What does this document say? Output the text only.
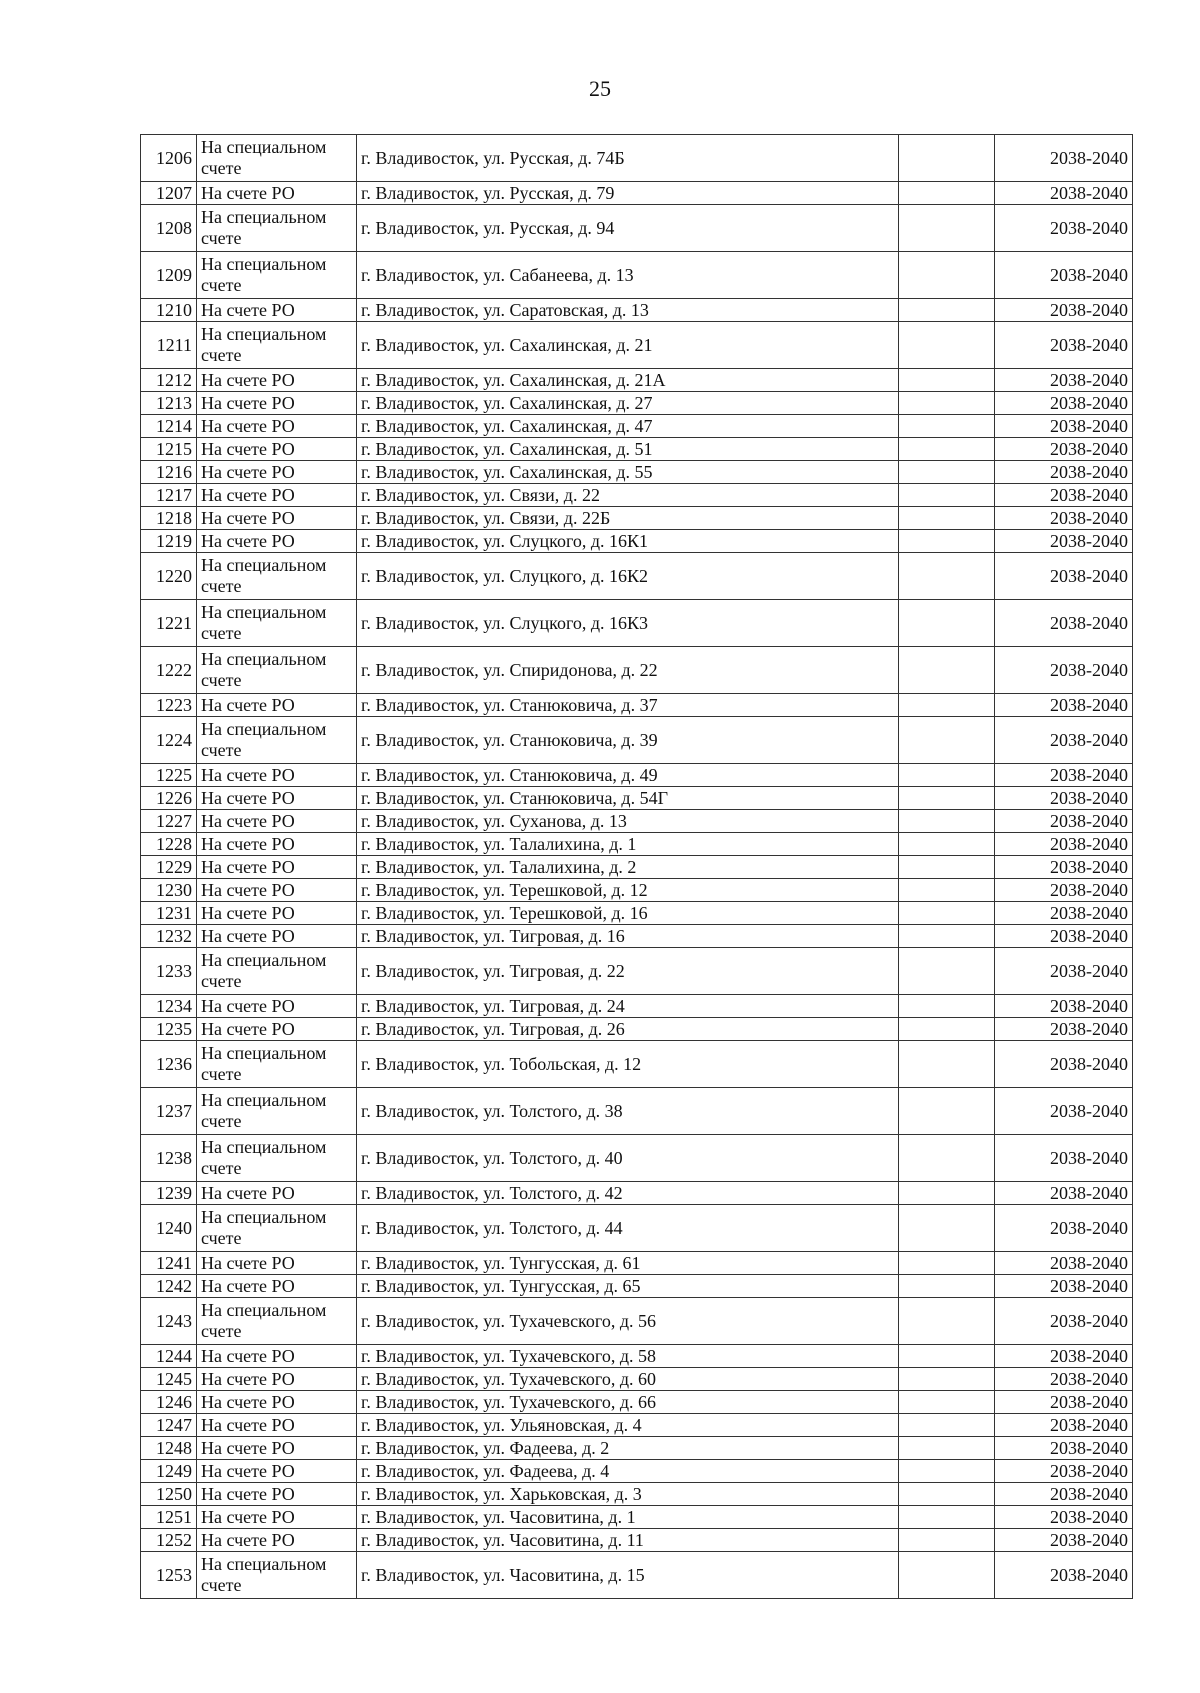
25
1206	На специальном
счете	г. Владивосток, ул. Русская, д. 74Б		2038-2040
1207	На счете РО	г. Владивосток, ул. Русская, д. 79		2038-2040
1208	На специальном
счете	г. Владивосток, ул. Русская, д. 94		2038-2040
1209	На специальном
счете	г. Владивосток, ул. Сабанеева, д. 13		2038-2040
1210	На счете РО	г. Владивосток, ул. Саратовская, д. 13		2038-2040
1211	На специальном
счете	г. Владивосток, ул. Сахалинская, д. 21		2038-2040
1212	На счете РО	г. Владивосток, ул. Сахалинская, д. 21А		2038-2040
1213	На счете РО	г. Владивосток, ул. Сахалинская, д. 27		2038-2040
1214	На счете РО	г. Владивосток, ул. Сахалинская, д. 47		2038-2040
1215	На счете РО	г. Владивосток, ул. Сахалинская, д. 51		2038-2040
1216	На счете РО	г. Владивосток, ул. Сахалинская, д. 55		2038-2040
1217	На счете РО	г. Владивосток, ул. Связи, д. 22		2038-2040
1218	На счете РО	г. Владивосток, ул. Связи, д. 22Б		2038-2040
1219	На счете РО	г. Владивосток, ул. Слуцкого, д. 16К1		2038-2040
1220	На специальном
счете	г. Владивосток, ул. Слуцкого, д. 16К2		2038-2040
1221	На специальном
счете	г. Владивосток, ул. Слуцкого, д. 16К3		2038-2040
1222	На специальном
счете	г. Владивосток, ул. Спиридонова, д. 22		2038-2040
1223	На счете РО	г. Владивосток, ул. Станюковича, д. 37		2038-2040
1224	На специальном
счете	г. Владивосток, ул. Станюковича, д. 39		2038-2040
1225	На счете РО	г. Владивосток, ул. Станюковича, д. 49		2038-2040
1226	На счете РО	г. Владивосток, ул. Станюковича, д. 54Г		2038-2040
1227	На счете РО	г. Владивосток, ул. Суханова, д. 13		2038-2040
1228	На счете РО	г. Владивосток, ул. Талалихина, д. 1		2038-2040
1229	На счете РО	г. Владивосток, ул. Талалихина, д. 2		2038-2040
1230	На счете РО	г. Владивосток, ул. Терешковой, д. 12		2038-2040
1231	На счете РО	г. Владивосток, ул. Терешковой, д. 16		2038-2040
1232	На счете РО	г. Владивосток, ул. Тигровая, д. 16		2038-2040
1233	На специальном
счете	г. Владивосток, ул. Тигровая, д. 22		2038-2040
1234	На счете РО	г. Владивосток, ул. Тигровая, д. 24		2038-2040
1235	На счете РО	г. Владивосток, ул. Тигровая, д. 26		2038-2040
1236	На специальном
счете	г. Владивосток, ул. Тобольская, д. 12		2038-2040
1237	На специальном
счете	г. Владивосток, ул. Толстого, д. 38		2038-2040
1238	На специальном
счете	г. Владивосток, ул. Толстого, д. 40		2038-2040
1239	На счете РО	г. Владивосток, ул. Толстого, д. 42		2038-2040
1240	На специальном
счете	г. Владивосток, ул. Толстого, д. 44		2038-2040
1241	На счете РО	г. Владивосток, ул. Тунгусская, д. 61		2038-2040
1242	На счете РО	г. Владивосток, ул. Тунгусская, д. 65		2038-2040
1243	На специальном
счете	г. Владивосток, ул. Тухачевского, д. 56		2038-2040
1244	На счете РО	г. Владивосток, ул. Тухачевского, д. 58		2038-2040
1245	На счете РО	г. Владивосток, ул. Тухачевского, д. 60		2038-2040
1246	На счете РО	г. Владивосток, ул. Тухачевского, д. 66		2038-2040
1247	На счете РО	г. Владивосток, ул. Ульяновская, д. 4		2038-2040
1248	На счете РО	г. Владивосток, ул. Фадеева, д. 2		2038-2040
1249	На счете РО	г. Владивосток, ул. Фадеева, д. 4		2038-2040
1250	На счете РО	г. Владивосток, ул. Харьковская, д. 3		2038-2040
1251	На счете РО	г. Владивосток, ул. Часовитина, д. 1		2038-2040
1252	На счете РО	г. Владивосток, ул. Часовитина, д. 11		2038-2040
1253	На специальном
счете	г. Владивосток, ул. Часовитина, д. 15		2038-2040
